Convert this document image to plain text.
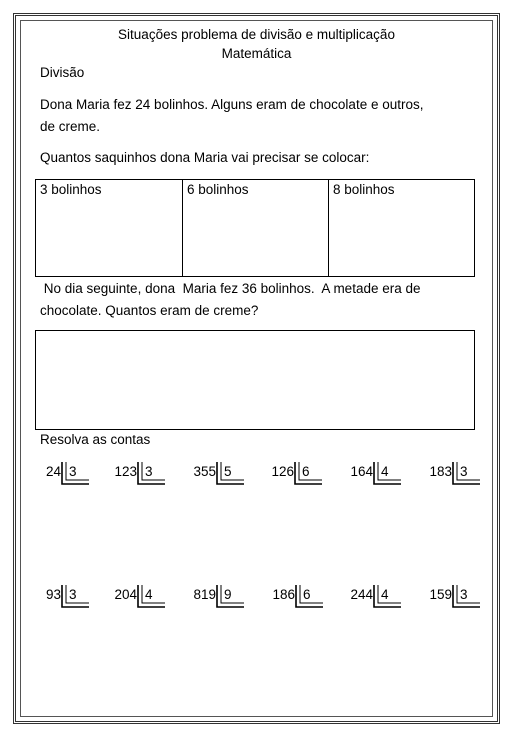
Situações problema de divisão e multiplicação
Matemática
Divisão
Dona Maria fez 24 bolinhos. Alguns eram de chocolate e outros,
de creme.
Quantos saquinhos dona Maria vai precisar se colocar:
3 bolinhos	6 bolinhos	8 bolinhos
No dia seguinte, dona  Maria fez 36 bolinhos.  A metade era de
chocolate. Quantos eram de creme?
Resolva as contas
24 3	123 3	355 5	126 6	164 4	183 3
93 3	204 4	819 9	186 6	244 4	159 3
